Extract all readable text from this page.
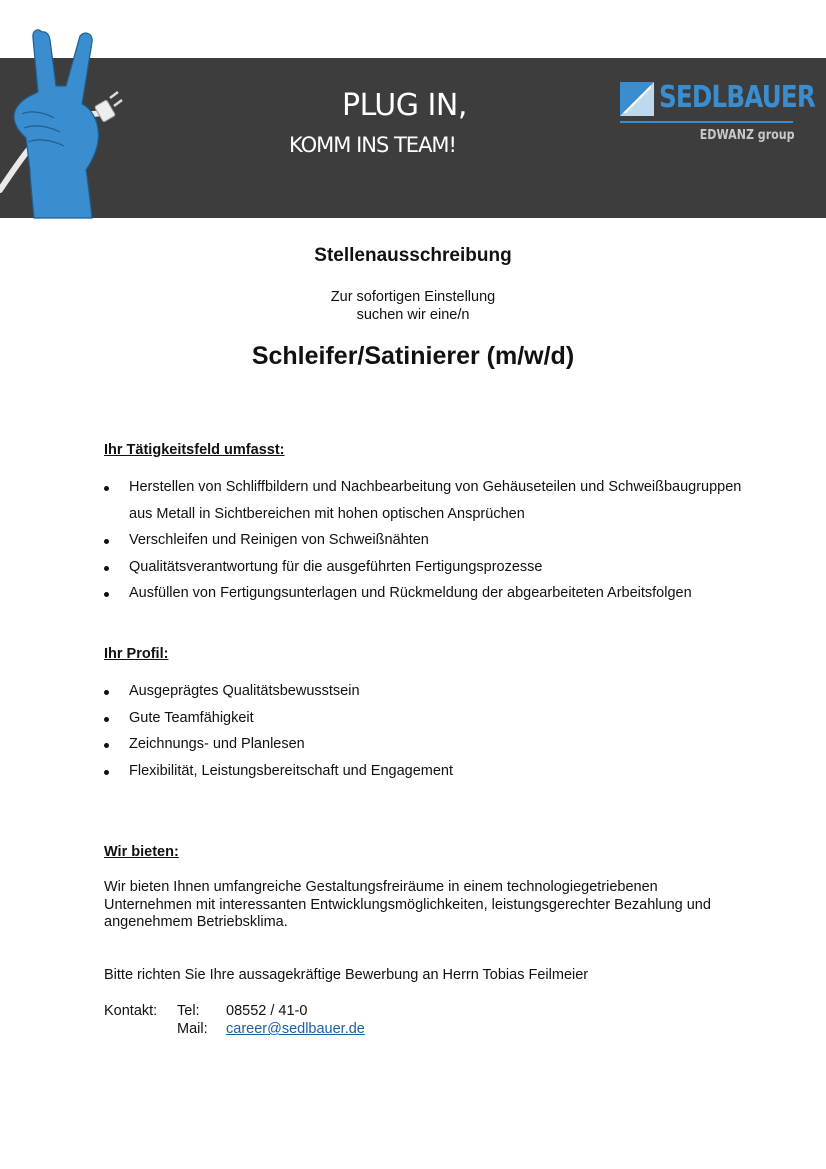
PLUG IN,
KOMM INS TEAM!
SEDLBAUER
EDWANZ group
Stellenausschreibung
Zur sofortigen Einstellung
suchen wir eine/n
Schleifer/Satinierer (m/w/d)
Ihr Tätigkeitsfeld umfasst:
Herstellen von Schliffbildern und Nachbearbeitung von Gehäuseteilen und Schweißbaugruppen aus Metall in Sichtbereichen mit hohen optischen Ansprüchen
Verschleifen und Reinigen von Schweißnähten
Qualitätsverantwortung für die ausgeführten Fertigungsprozesse
Ausfüllen von Fertigungsunterlagen und Rückmeldung der abgearbeiteten Arbeitsfolgen
Ihr Profil:
Ausgeprägtes Qualitätsbewusstsein
Gute Teamfähigkeit
Zeichnungs- und Planlesen
Flexibilität, Leistungsbereitschaft und Engagement
Wir bieten:
Wir bieten Ihnen umfangreiche Gestaltungsfreiräume in einem technologiegetriebenen Unternehmen mit interessanten Entwicklungsmöglichkeiten, leistungsgerechter Bezahlung und angenehmem Betriebsklima.
Bitte richten Sie Ihre aussagekräftige Bewerbung an Herrn Tobias Feilmeier
Kontakt: Tel: 08552 / 41-0
Mail: career@sedlbauer.de
